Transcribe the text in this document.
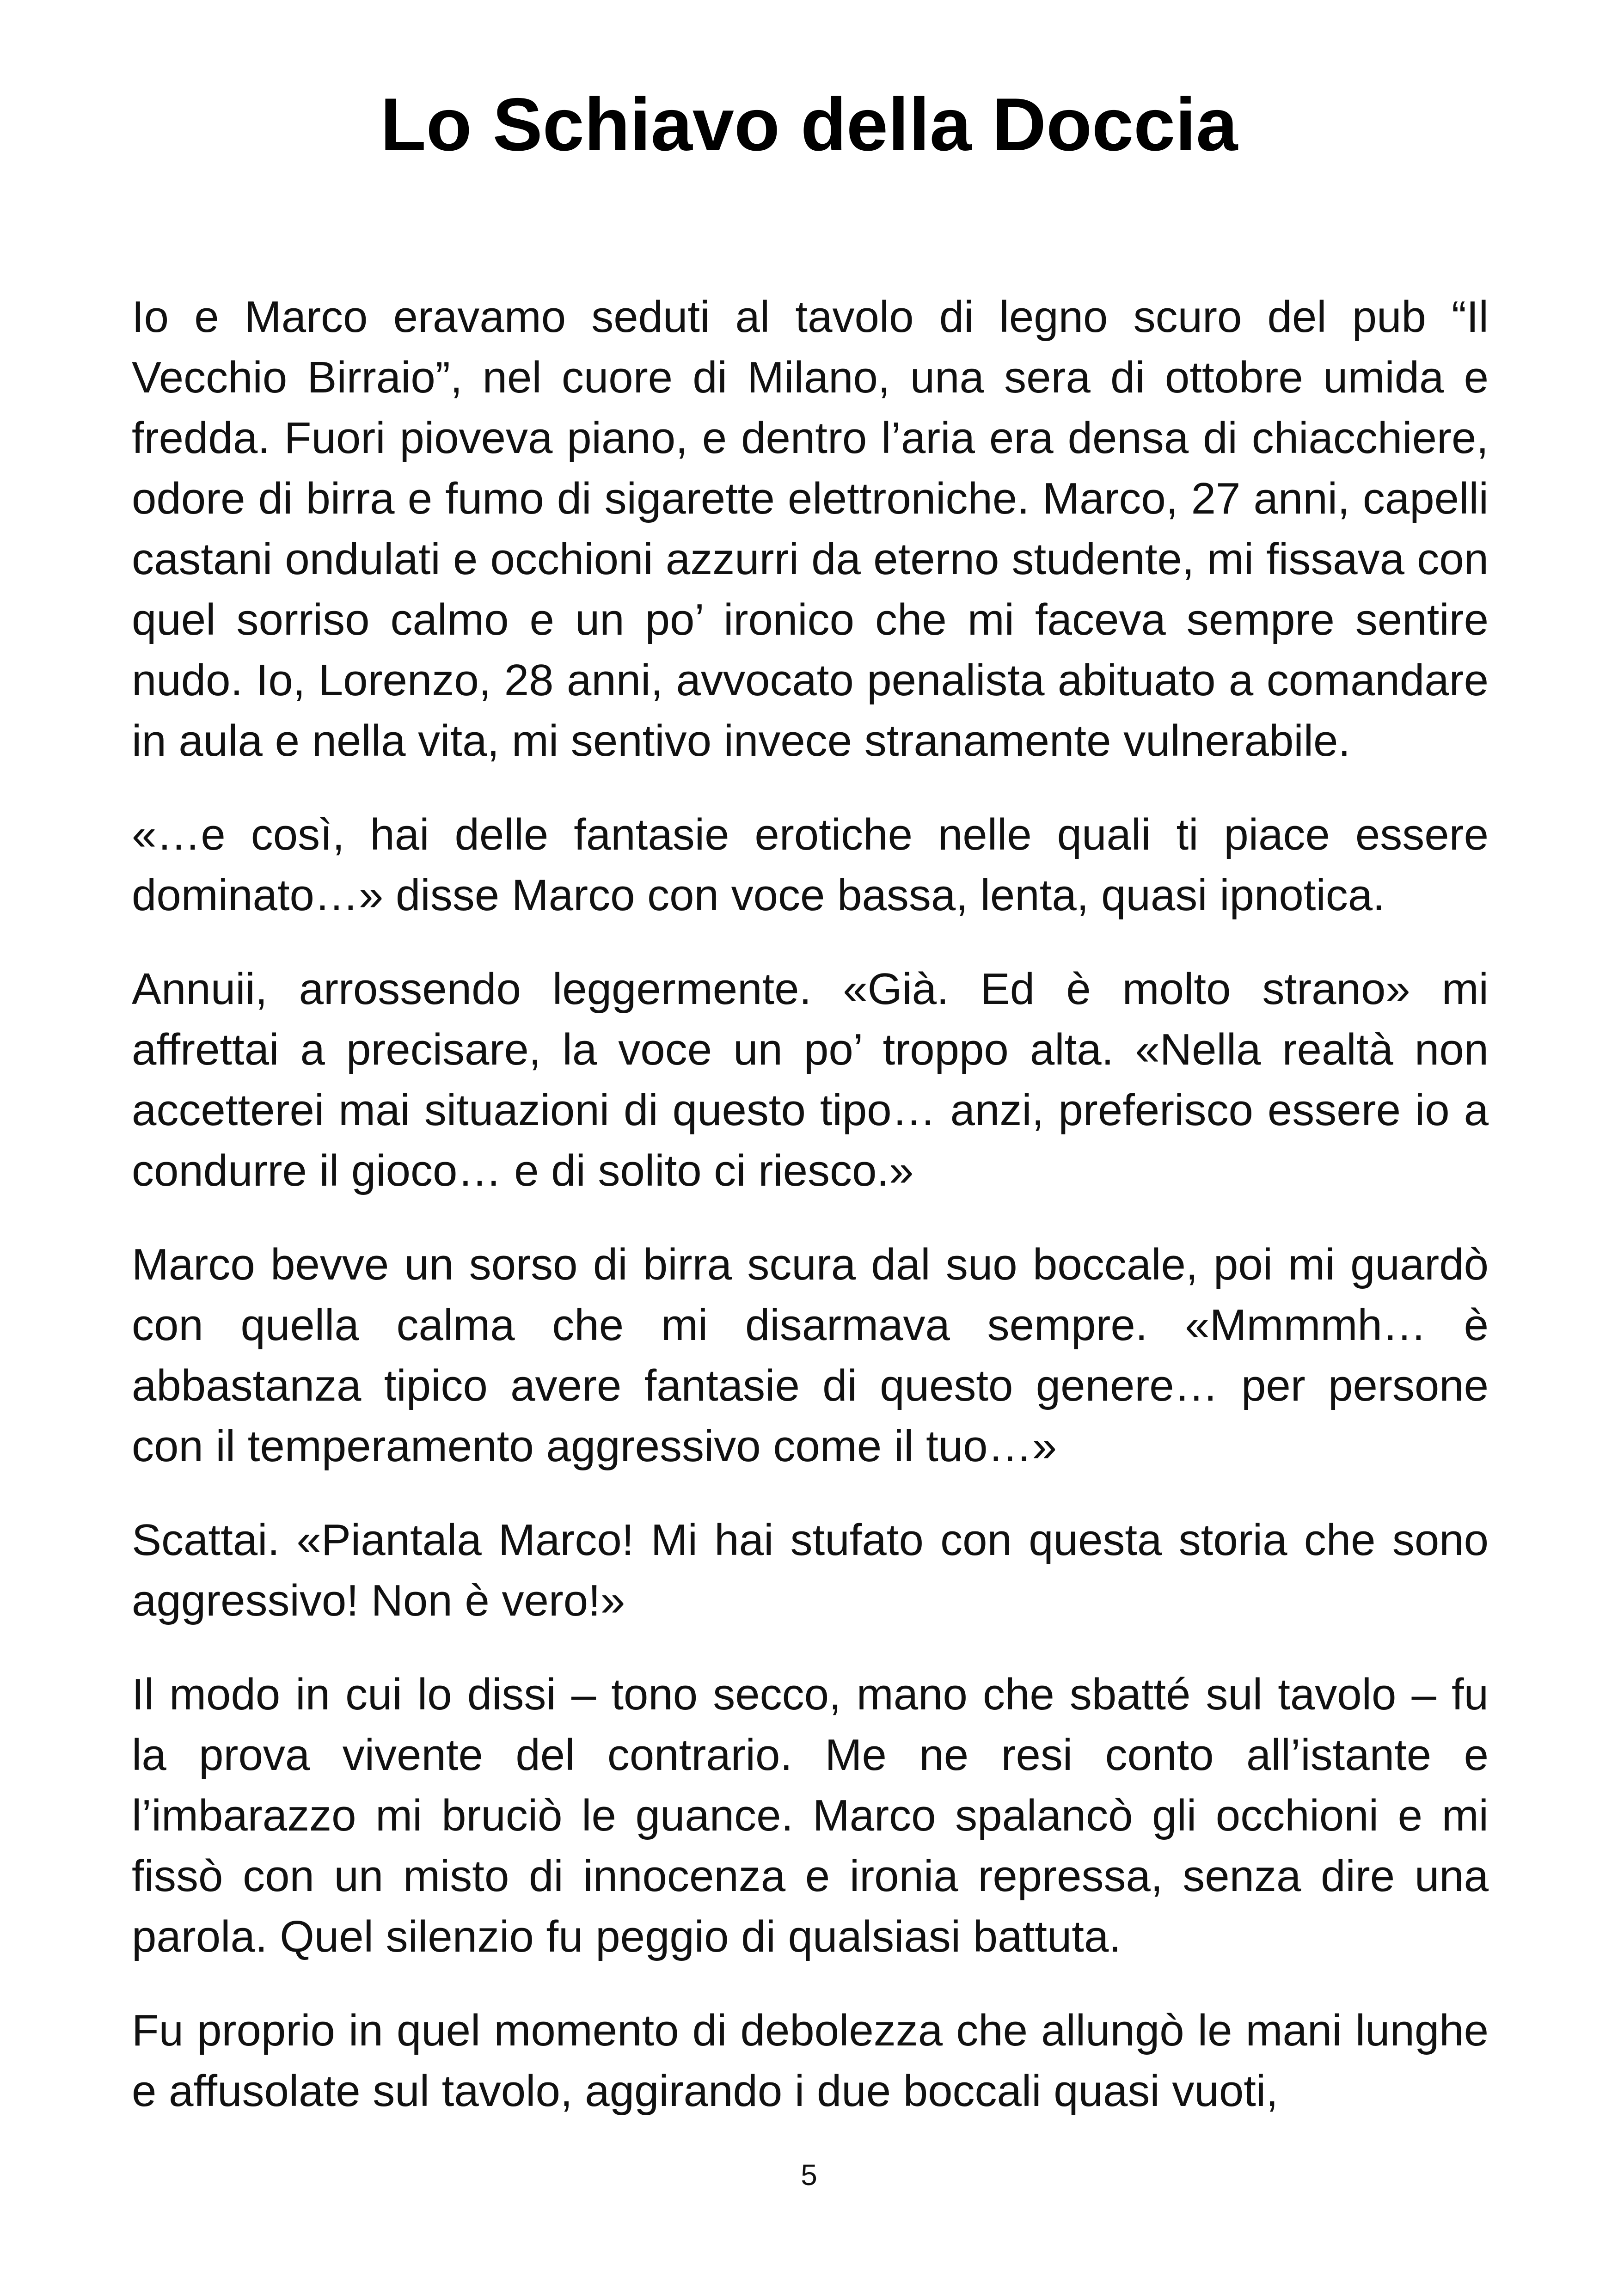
Lo Schiavo della Doccia

Io e Marco eravamo seduti al tavolo di legno scuro del pub “Il Vecchio Birraio”, nel cuore di Milano, una sera di ottobre umida e fredda. Fuori pioveva piano, e dentro l’aria era densa di chiacchiere, odore di birra e fumo di sigarette elettroniche. Marco, 27 anni, capelli castani ondulati e occhioni azzurri da eterno studente, mi fissava con quel sorriso calmo e un po’ ironico che mi faceva sempre sentire nudo. Io, Lorenzo, 28 anni, avvocato penalista abituato a comandare in aula e nella vita, mi sentivo invece stranamente vulnerabile.

«…e così, hai delle fantasie erotiche nelle quali ti piace essere dominato…» disse Marco con voce bassa, lenta, quasi ipnotica.

Annuii, arrossendo leggermente. «Già. Ed è molto strano» mi affrettai a precisare, la voce un po’ troppo alta. «Nella realtà non accetterei mai situazioni di questo tipo… anzi, preferisco essere io a condurre il gioco… e di solito ci riesco.»

Marco bevve un sorso di birra scura dal suo boccale, poi mi guardò con quella calma che mi disarmava sempre. «Mmmmh… è abbastanza tipico avere fantasie di questo genere… per persone con il temperamento aggressivo come il tuo…»

Scattai. «Piantala Marco! Mi hai stufato con questa storia che sono aggressivo! Non è vero!»

Il modo in cui lo dissi – tono secco, mano che sbatté sul tavolo – fu la prova vivente del contrario. Me ne resi conto all’istante e l’imbarazzo mi bruciò le guance. Marco spalancò gli occhioni e mi fissò con un misto di innocenza e ironia repressa, senza dire una parola. Quel silenzio fu peggio di qualsiasi battuta.

Fu proprio in quel momento di debolezza che allungò le mani lunghe e affusolate sul tavolo, aggirando i due boccali quasi vuoti,

5
